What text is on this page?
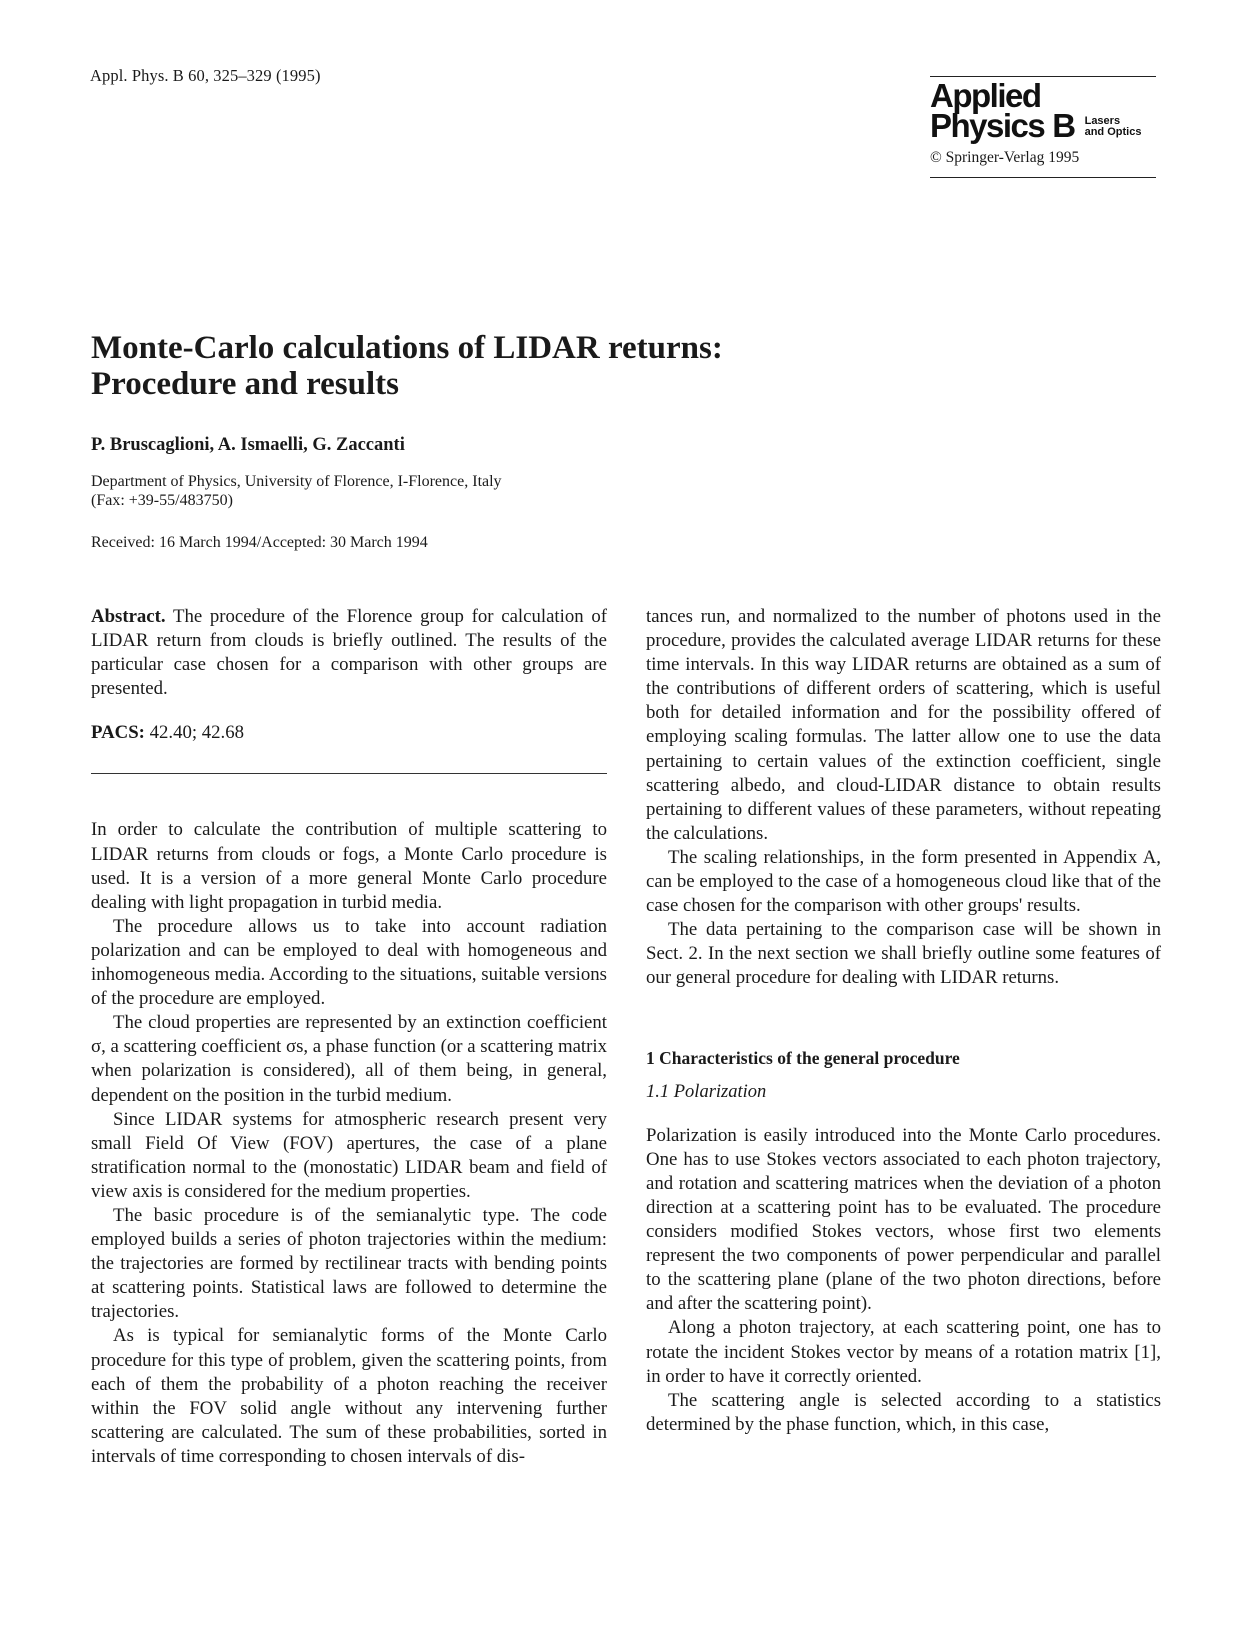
Appl. Phys. B 60, 325–329 (1995)
Applied
Physics B Lasers
and Optics
© Springer-Verlag 1995
Monte-Carlo calculations of LIDAR returns:
Procedure and results
P. Bruscaglioni, A. Ismaelli, G. Zaccanti
Department of Physics, University of Florence, I-Florence, Italy
(Fax: +39-55/483750)
Received: 16 March 1994/Accepted: 30 March 1994

Abstract. The procedure of the Florence group for calculation of LIDAR return from clouds is briefly outlined. The results of the particular case chosen for a comparison with other groups are presented.

PACS: 42.40; 42.68

In order to calculate the contribution of multiple scattering to LIDAR returns from clouds or fogs, a Monte Carlo procedure is used. It is a version of a more general Monte Carlo procedure dealing with light propagation in turbid media.

The procedure allows us to take into account radiation polarization and can be employed to deal with homogeneous and inhomogeneous media. According to the situations, suitable versions of the procedure are employed.

The cloud properties are represented by an extinction coefficient σ, a scattering coefficient σs, a phase function (or a scattering matrix when polarization is considered), all of them being, in general, dependent on the position in the turbid medium.

Since LIDAR systems for atmospheric research present very small Field Of View (FOV) apertures, the case of a plane stratification normal to the (monostatic) LIDAR beam and field of view axis is considered for the medium properties.

The basic procedure is of the semianalytic type. The code employed builds a series of photon trajectories within the medium: the trajectories are formed by rectilinear tracts with bending points at scattering points. Statistical laws are followed to determine the trajectories.

As is typical for semianalytic forms of the Monte Carlo procedure for this type of problem, given the scattering points, from each of them the probability of a photon reaching the receiver within the FOV solid angle without any intervening further scattering are calculated. The sum of these probabilities, sorted in intervals of time corresponding to chosen intervals of dis-

tances run, and normalized to the number of photons used in the procedure, provides the calculated average LIDAR returns for these time intervals. In this way LIDAR returns are obtained as a sum of the contributions of different orders of scattering, which is useful both for detailed information and for the possibility offered of employing scaling formulas. The latter allow one to use the data pertaining to certain values of the extinction coefficient, single scattering albedo, and cloud-LIDAR distance to obtain results pertaining to different values of these parameters, without repeating the calculations.

The scaling relationships, in the form presented in Appendix A, can be employed to the case of a homogeneous cloud like that of the case chosen for the comparison with other groups' results.

The data pertaining to the comparison case will be shown in Sect. 2. In the next section we shall briefly outline some features of our general procedure for dealing with LIDAR returns.

1 Characteristics of the general procedure

1.1 Polarization

Polarization is easily introduced into the Monte Carlo procedures. One has to use Stokes vectors associated to each photon trajectory, and rotation and scattering matrices when the deviation of a photon direction at a scattering point has to be evaluated. The procedure considers modified Stokes vectors, whose first two elements represent the two components of power perpendicular and parallel to the scattering plane (plane of the two photon directions, before and after the scattering point).

Along a photon trajectory, at each scattering point, one has to rotate the incident Stokes vector by means of a rotation matrix [1], in order to have it correctly oriented.

The scattering angle is selected according to a statistics determined by the phase function, which, in this case,
